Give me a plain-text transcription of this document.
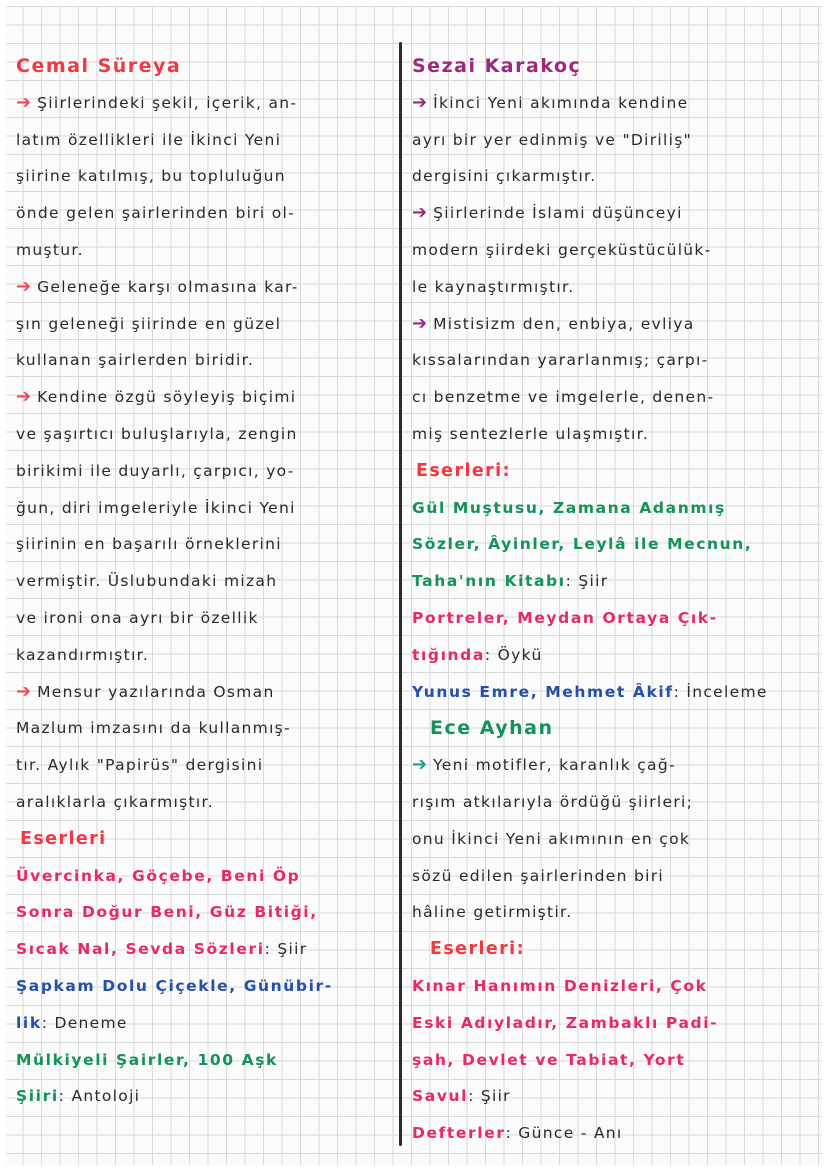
Cemal Süreya
➔ Şiirlerindeki şekil, içerik, an-
latım özellikleri ile İkinci Yeni
şiirine katılmış, bu topluluğun
önde gelen şairlerinden biri ol-
muştur.
➔ Geleneğe karşı olmasına kar-
şın geleneği şiirinde en güzel
kullanan şairlerden biridir.
➔ Kendine özgü söyleyiş biçimi
ve şaşırtıcı buluşlarıyla, zengin
birikimi ile duyarlı, çarpıcı, yo-
ğun, diri imgeleriyle İkinci Yeni
şiirinin en başarılı örneklerini
vermiştir. Üslubundaki mizah
ve ironi ona ayrı bir özellik
kazandırmıştır.
➔ Mensur yazılarında Osman
Mazlum imzasını da kullanmış-
tır. Aylık "Papirüs" dergisini
aralıklarla çıkarmıştır.
Eserleri
Üvercinka, Göçebe, Beni Öp
Sonra Doğur Beni, Güz Bitiği,
Sıcak Nal, Sevda Sözleri: Şiir
Şapkam Dolu Çiçekle, Günübir-
lik: Deneme
Mülkiyeli Şairler, 100 Aşk
Şiiri: Antoloji
Sezai Karakoç
➔ İkinci Yeni akımında kendine
ayrı bir yer edinmiş ve "Diriliş"
dergisini çıkarmıştır.
➔ Şiirlerinde İslami düşünceyi
modern şiirdeki gerçeküstücülük-
le kaynaştırmıştır.
➔ Mistisizm den, enbiya, evliya
kıssalarından yararlanmış; çarpı-
cı benzetme ve imgelerle, denen-
miş sentezlerle ulaşmıştır.
Eserleri:
Gül Muştusu, Zamana Adanmış
Sözler, Âyinler, Leylâ ile Mecnun,
Taha'nın Kitabı: Şiir
Portreler, Meydan Ortaya Çık-
tığında: Öykü
Yunus Emre, Mehmet Âkif: İnceleme
Ece Ayhan
➔ Yeni motifler, karanlık çağ-
rışım atkılarıyla ördüğü şiirleri;
onu İkinci Yeni akımının en çok
sözü edilen şairlerinden biri
hâline getirmiştir.
Eserleri:
Kınar Hanımın Denizleri, Çok
Eski Adıyladır, Zambaklı Padi-
şah, Devlet ve Tabiat, Yort
Savul: Şiir
Defterler: Günce - Anı
